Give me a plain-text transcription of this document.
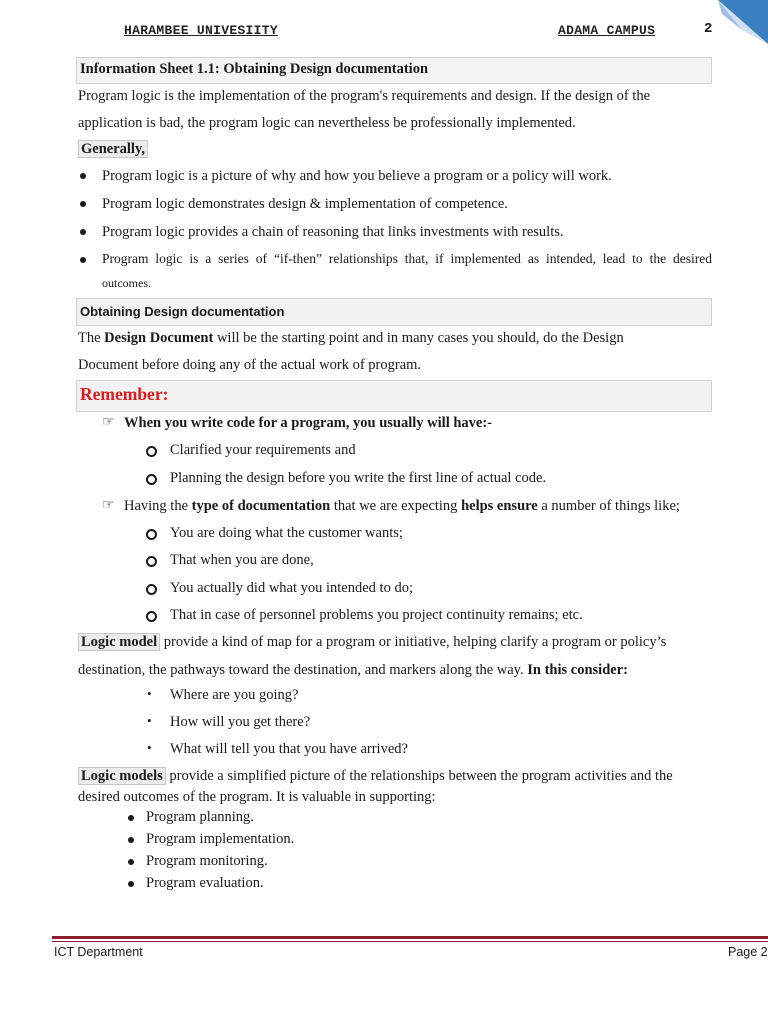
HARAMBEE UNIVESIITY	ADAMA CAMPUS	2
Information Sheet 1.1: Obtaining Design documentation
Program logic is the implementation of the program's requirements and design. If the design of the
application is bad, the program logic can nevertheless be professionally implemented.
Generally,
Program logic is a picture of why and how you believe a program or a policy will work.
Program logic demonstrates design & implementation of competence.
Program logic provides a chain of reasoning that links investments with results.
Program logic is a series of “if-then” relationships that, if implemented as intended, lead to the desired
outcomes.
Obtaining Design documentation
The Design Document will be the starting point and in many cases you should, do the Design
Document before doing any of the actual work of program.
Remember:
☞ When you write code for a program, you usually will have:-
Clarified your requirements and
Planning the design before you write the first line of actual code.
☞ Having the type of documentation that we are expecting helps ensure a number of things like;
You are doing what the customer wants;
That when you are done,
You actually did what you intended to do;
That in case of personnel problems you project continuity remains; etc.
Logic model provide a kind of map for a program or initiative, helping clarify a program or policy’s
destination, the pathways toward the destination, and markers along the way. In this consider:
• Where are you going?
• How will you get there?
• What will tell you that you have arrived?
Logic models provide a simplified picture of the relationships between the program activities and the
desired outcomes of the program. It is valuable in supporting:
Program planning.
Program implementation.
Program monitoring.
Program evaluation.
ICT Department	Page 2
